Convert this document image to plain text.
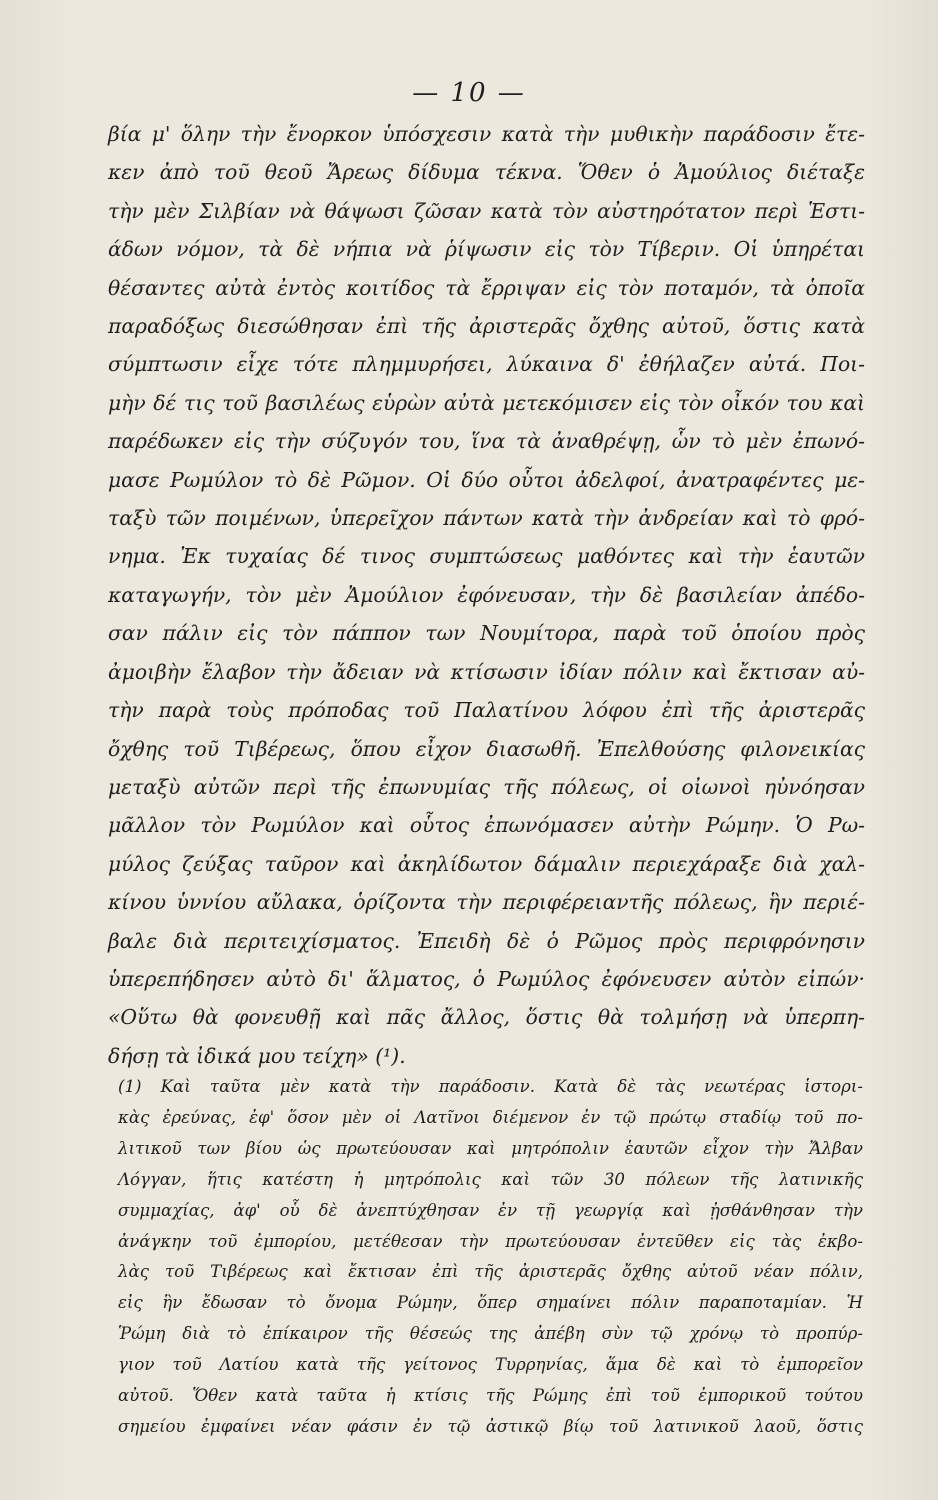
— 10 —
βία μ' ὅλην τὴν ἔνορκον ὑπόσχεσιν κατὰ τὴν μυθικὴν παράδοσιν ἔτε-
κεν ἀπὸ τοῦ θεοῦ Ἄρεως δίδυμα τέκνα. Ὅθεν ὁ Ἀμούλιος διέταξε
τὴν μὲν Σιλβίαν νὰ θάψωσι ζῶσαν κατὰ τὸν αὐστηρότατον περὶ Ἑστι-
άδων νόμον, τὰ δὲ νήπια νὰ ῥίψωσιν εἰς τὸν Τίβεριν. Οἱ ὑπηρέται
θέσαντες αὐτὰ ἐντὸς κοιτίδος τὰ ἔρριψαν εἰς τὸν ποταμόν, τὰ ὁποῖα
παραδόξως διεσώθησαν ἐπὶ τῆς ἀριστερᾶς ὄχθης αὐτοῦ, ὅστις κατὰ
σύμπτωσιν εἶχε τότε πλημμυρήσει, λύκαινα δ' ἐθήλαζεν αὐτά. Ποι-
μὴν δέ τις τοῦ βασιλέως εὑρὼν αὐτὰ μετεκόμισεν εἰς τὸν οἶκόν του καὶ
παρέδωκεν εἰς τὴν σύζυγόν του, ἵνα τὰ ἀναθρέψῃ, ὧν τὸ μὲν ἐπωνό-
μασε Ρωμύλον τὸ δὲ Ρῶμον. Οἱ δύο οὗτοι ἀδελφοί, ἀνατραφέντες με-
ταξὺ τῶν ποιμένων, ὑπερεῖχον πάντων κατὰ τὴν ἀνδρείαν καὶ τὸ φρό-
νημα. Ἐκ τυχαίας δέ τινος συμπτώσεως μαθόντες καὶ τὴν ἑαυτῶν
καταγωγήν, τὸν μὲν Ἀμούλιον ἐφόνευσαν, τὴν δὲ βασιλείαν ἀπέδο-
σαν πάλιν εἰς τὸν πάππον των Νουμίτορα, παρὰ τοῦ ὁποίου πρὸς
ἀμοιβὴν ἔλαβον τὴν ἄδειαν νὰ κτίσωσιν ἰδίαν πόλιν καὶ ἔκτισαν αὐ-
τὴν παρὰ τοὺς πρόποδας τοῦ Παλατίνου λόφου ἐπὶ τῆς ἀριστερᾶς
ὄχθης τοῦ Τιβέρεως, ὅπου εἶχον διασωθῆ. Ἐπελθούσης φιλονεικίας
μεταξὺ αὐτῶν περὶ τῆς ἐπωνυμίας τῆς πόλεως, οἱ οἰωνοὶ ηὐνόησαν
μᾶλλον τὸν Ρωμύλον καὶ οὗτος ἐπωνόμασεν αὐτὴν Ρώμην. Ὁ Ρω-
μύλος ζεύξας ταῦρον καὶ ἀκηλίδωτον δάμαλιν περιεχάραξε διὰ χαλ-
κίνου ὑννίου αὔλακα, ὁρίζοντα τὴν περιφέρειαντῆς πόλεως, ἣν περιέ-
βαλε διὰ περιτειχίσματος. Ἐπειδὴ δὲ ὁ Ρῶμος πρὸς περιφρόνησιν
ὑπερεπήδησεν αὐτὸ δι' ἅλματος, ὁ Ρωμύλος ἐφόνευσεν αὐτὸν εἰπών·
«Οὕτω θὰ φονευθῇ καὶ πᾶς ἄλλος, ὅστις θὰ τολμήσῃ νὰ ὑπερπη-
δήσῃ τὰ ἰδικά μου τείχη» (¹).
(1) Καὶ ταῦτα μὲν κατὰ τὴν παράδοσιν. Κατὰ δὲ τὰς νεωτέρας ἱστορι-
κὰς ἐρεύνας, ἐφ' ὅσον μὲν οἱ Λατῖνοι διέμενον ἐν τῷ πρώτῳ σταδίῳ τοῦ πο-
λιτικοῦ των βίου ὡς πρωτεύουσαν καὶ μητρόπολιν ἑαυτῶν εἶχον τὴν Ἄλβαν
Λόγγαν, ἥτις κατέστη ἡ μητρόπολις καὶ τῶν 30 πόλεων τῆς λατινικῆς
συμμαχίας, ἀφ' οὗ δὲ ἀνεπτύχθησαν ἐν τῇ γεωργίᾳ καὶ ᾐσθάνθησαν τὴν
ἀνάγκην τοῦ ἐμπορίου, μετέθεσαν τὴν πρωτεύουσαν ἐντεῦθεν εἰς τὰς ἐκβο-
λὰς τοῦ Τιβέρεως καὶ ἔκτισαν ἐπὶ τῆς ἀριστερᾶς ὄχθης αὐτοῦ νέαν πόλιν,
εἰς ἣν ἔδωσαν τὸ ὄνομα Ρώμην, ὅπερ σημαίνει πόλιν παραποταμίαν. Ἡ
Ῥώμη διὰ τὸ ἐπίκαιρον τῆς θέσεώς της ἀπέβη σὺν τῷ χρόνῳ τὸ προπύρ-
γιον τοῦ Λατίου κατὰ τῆς γείτονος Τυρρηνίας, ἅμα δὲ καὶ τὸ ἐμπορεῖον
αὐτοῦ. Ὅθεν κατὰ ταῦτα ἡ κτίσις τῆς Ρώμης ἐπὶ τοῦ ἐμπορικοῦ τούτου
σημείου ἐμφαίνει νέαν φάσιν ἐν τῷ ἀστικῷ βίῳ τοῦ λατινικοῦ λαοῦ, ὅστις
